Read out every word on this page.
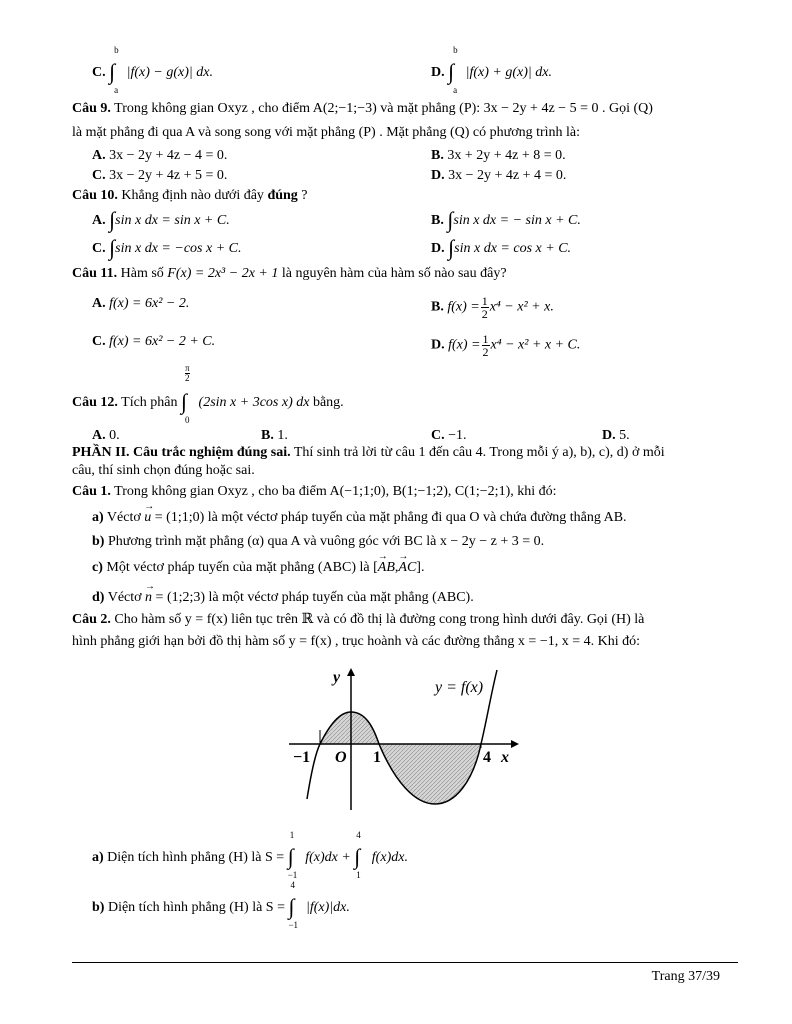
C. ∫
b
a
|f(x) − g(x)| dx.	D. ∫
b
a
|f(x) + g(x)| dx.
Câu 9. Trong không gian Oxyz , cho điểm A(2;−1;−3) và mặt phẳng (P): 3x − 2y + 4z − 5 = 0 . Gọi (Q)
là mặt phẳng đi qua A và song song với mặt phẳng (P) . Mặt phẳng (Q) có phương trình là:
A. 3x − 2y + 4z − 4 = 0.	B. 3x + 2y + 4z + 8 = 0.
C. 3x − 2y + 4z + 5 = 0.	D. 3x − 2y + 4z + 4 = 0.
Câu 10. Khẳng định nào dưới đây đúng ?
A. ∫sin x dx = sin x + C.	B. ∫sin x dx = − sin x + C.
C. ∫sin x dx = −cos x + C.	D. ∫sin x dx = cos x + C.
Câu 11. Hàm số F(x) = 2x³ − 2x + 1 là nguyên hàm của hàm số nào sau đây?
A. f(x) = 6x² − 2.	B. $f(x) = \frac{1}{2} x^4 - x^2 + x$.
C. f(x) = 6x² − 2 + C.	D. $f(x) = \frac{1}{2} x^4 - x^2 + x + C$.
Câu 12. Tích phân ∫
$\frac{\pi}{2}$
0
(2sin x + 3cos x) dx bằng.
A. 0.	B. 1.	C. −1.	D. 5.
PHẦN II. Câu trắc nghiệm đúng sai. Thí sinh trả lời từ câu 1 đến câu 4. Trong mỗi ý a), b), c), d) ở mỗi
câu, thí sinh chọn đúng hoặc sai.
Câu 1. Trong không gian Oxyz , cho ba điểm A(−1;1;0), B(1;−1;2), C(1;−2;1), khi đó:
a) Véctơ → u = (1;1;0) là một véctơ pháp tuyến của mặt phẳng đi qua O và chứa đường thẳng AB.
b) Phương trình mặt phẳng (α) qua A và vuông góc với BC là x − 2y − z + 3 = 0.
c) Một véctơ pháp tuyến của mặt phẳng (ABC) là [→ AB,→ AC].
d) Véctơ → n = (1;2;3) là một véctơ pháp tuyến của mặt phẳng (ABC).
Câu 2. Cho hàm số y = f(x) liên tục trên ℝ và có đồ thị là đường cong trong hình dưới đây. Gọi (H) là
hình phẳng giới hạn bởi đồ thị hàm số y = f(x) , trục hoành và các đường thẳng x = −1, x = 4. Khi đó:
y = f(x)
y
x
O
−1	1	4
a) Diện tích hình phẳng (H) là S = ∫
1
−1
f(x)dx + ∫
4
1
f(x)dx.
b) Diện tích hình phẳng (H) là S = ∫
4
−1
|f(x)|dx.
Trang 37/39
